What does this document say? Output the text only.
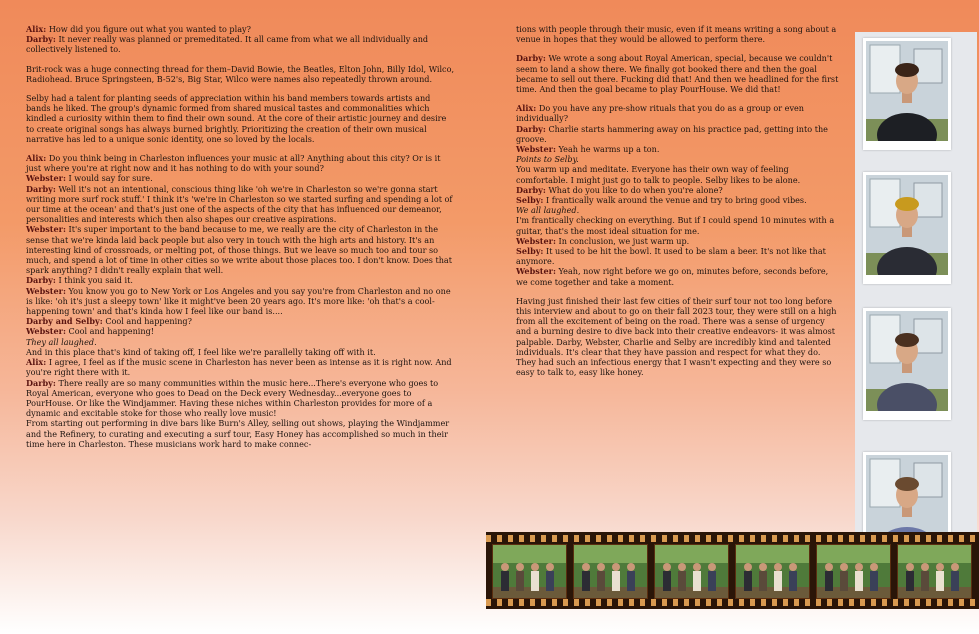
Alix: How did you figure out what you wanted to play?

Darby: It never really was planned or premeditated. It all came from what we all individually and collectively listened to.

Brit-rock was a huge connecting thread for them–David Bowie, the Beatles, Elton John, Billy Idol, Wilco, Radiohead. Bruce Springsteen, B-52's, Big Star, Wilco were names also repeatedly thrown around.

Selby had a talent for planting seeds of appreciation within his band members towards artists and bands he liked. The group's dynamic formed from shared musical tastes and commonalities which kindled a curiosity within them to find their own sound. At the core of their artistic journey and desire to create original songs has always burned brightly. Prioritizing the creation of their own musical narrative has led to a unique sonic identity, one so loved by the locals.

Alix: Do you think being in Charleston influences your music at all? Anything about this city? Or is it just where you're at right now and it has nothing to do with your sound?

Webster: I would say for sure.

Darby: Well it's not an intentional, conscious thing like 'oh we're in Charleston so we're gonna start writing more surf rock stuff.' I think it's 'we're in Charleston so we started surfing and spending a lot of our time at the ocean' and that's just one of the aspects of the city that has influenced our demeanor, personalities and interests which then also shapes our creative aspirations.

Webster: It's super important to the band because to me, we really are the city of Charleston in the sense that we're kinda laid back people but also very in touch with the high arts and history. It's an interesting kind of crossroads, or melting pot, of those things. But we leave so much too and tour so much, and spend a lot of time in other cities so we write about those places too. I don't know. Does that spark anything? I didn't really explain that well.

Darby: I think you said it.

Webster: You know you go to New York or Los Angeles and you say you're from Charleston and no one is like: 'oh it's just a sleepy town' like it might've been 20 years ago. It's more like: 'oh that's a cool-happening town' and that's kinda how I feel like our band is....

Darby and Selby: Cool and happening?

Webster: Cool and happening!

They all laughed.

And in this place that's kind of taking off, I feel like we're parallelly taking off with it.

Alix: I agree, I feel as if the music scene in Charleston has never been as intense as it is right now. And you're right there with it.

Darby: There really are so many communities within the music here...There's everyone who goes to Royal American, everyone who goes to Dead on the Deck every Wednesday...everyone goes to PourHouse. Or like the Windjammer. Having these niches within Charleston provides for more of a dynamic and excitable stoke for those who really love music!

From starting out performing in dive bars like Burn's Alley, selling out shows, playing the Windjammer and the Refinery, to curating and executing a surf tour, Easy Honey has accomplished so much in their time here in Charleston. These musicians work hard to make connec-

tions with people through their music, even if it means writing a song about a venue in hopes that they would be allowed to perform there.

Darby: We wrote a song about Royal American, special, because we couldn't seem to land a show there. We finally got booked there and then the goal became to sell out there. Fucking did that! And then we headlined for the first time. And then the goal became to play PourHouse. We did that!

Alix: Do you have any pre-show rituals that you do as a group or even individually?

Darby: Charlie starts hammering away on his practice pad, getting into the groove.

Webster: Yeah he warms up a ton.

Points to Selby.

You warm up and meditate. Everyone has their own way of feeling comfortable. I might just go to talk to people. Selby likes to be alone.

Darby: What do you like to do when you're alone?

Selby: I frantically walk around the venue and try to bring good vibes.

We all laughed.

I'm frantically checking on everything. But if I could spend 10 minutes with a guitar, that's the most ideal situation for me.

Webster: In conclusion, we just warm up.

Selby: It used to be hit the bowl. It used to be slam a beer. It's not like that anymore.

Webster: Yeah, now right before we go on, minutes before, seconds before, we come together and take a moment.

Having just finished their last few cities of their surf tour not too long before this interview and about to go on their fall 2023 tour, they were still on a high from all the excitement of being on the road. There was a sense of urgency and a burning desire to dive back into their creative endeavors- it was almost palpable. Darby, Webster, Charlie and Selby are incredibly kind and talented individuals. It's clear that they have passion and respect for what they do. They had such an infectious energy that I wasn't expecting and they were so easy to talk to, easy like honey.
